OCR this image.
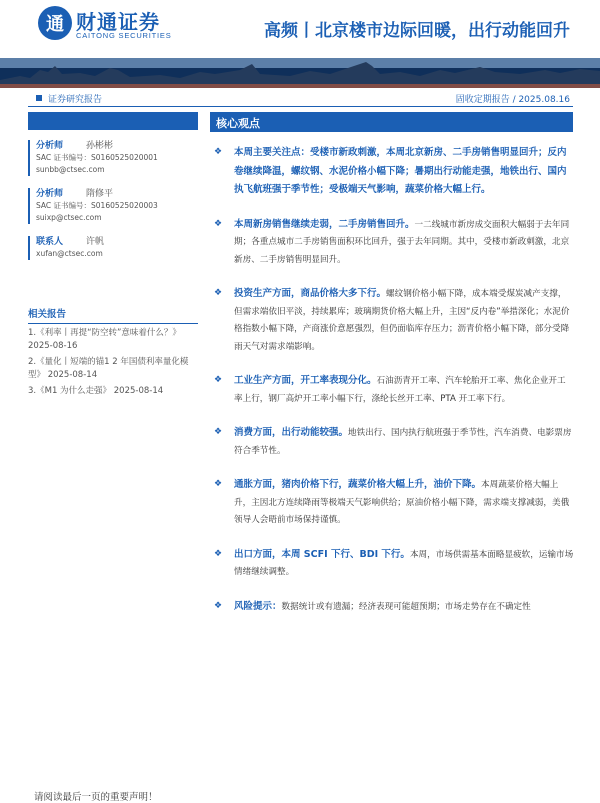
通 财通证券
CAITONG SECURITIES	高频丨北京楼市边际回暖，出行动能回升
证券研究报告	固收定期报告 / 2025.08.16
分析师	孙彬彬
SAC 证书编号：S0160525020001
sunbb@ctsec.com
分析师	隋修平
SAC 证书编号：S0160525020003
suixp@ctsec.com
联系人	许帆
xufan@ctsec.com
相关报告
1.《利率丨再提“防空转”意味着什么？》 2025-08-16
2.《量化丨短端的锚1 2 年国债利率量化模型》 2025-08-14
3.《M1 为什么走强》 2025-08-14
核心观点
❖ 本周主要关注点：受楼市新政刺激，本周北京新房、二手房销售明显回升；反内卷继续降温，螺纹钢、水泥价格小幅下降；暑期出行动能走强，地铁出行、国内执飞航班强于季节性；受极端天气影响，蔬菜价格大幅上行。
❖ 本周新房销售继续走弱，二手房销售回升。一二线城市新房成交面积大幅弱于去年同期；各重点城市二手房销售面积环比回升，强于去年同期。其中，受楼市新政刺激，北京新房、二手房销售明显回升。
❖ 投资生产方面，商品价格大多下行。螺纹钢价格小幅下降，成本端受煤炭减产支撑，但需求端依旧平淡，持续累库；玻璃期货价格大幅上升，主因“反内卷”举措深化；水泥价格指数小幅下降，产商涨价意愿强烈，但仍面临库存压力；沥青价格小幅下降，部分受降雨天气对需求端影响。
❖ 工业生产方面，开工率表现分化。石油沥青开工率、汽车轮胎开工率、焦化企业开工率上行，钢厂高炉开工率小幅下行，涤纶长丝开工率、PTA 开工率下行。
❖ 消费方面，出行动能较强。地铁出行、国内执行航班强于季节性，汽车消费、电影票房符合季节性。
❖ 通胀方面，猪肉价格下行，蔬菜价格大幅上升，油价下降。本周蔬菜价格大幅上升，主因北方连续降雨等极端天气影响供给；原油价格小幅下降，需求端支撑减弱，美俄领导人会晤前市场保持谨慎。
❖ 出口方面，本周 SCFI 下行、BDI 下行。本周，市场供需基本面略显疲软，运输市场情绪继续调整。
❖ 风险提示：数据统计或有遗漏；经济表现可能超预期；市场走势存在不确定性
请阅读最后一页的重要声明！
